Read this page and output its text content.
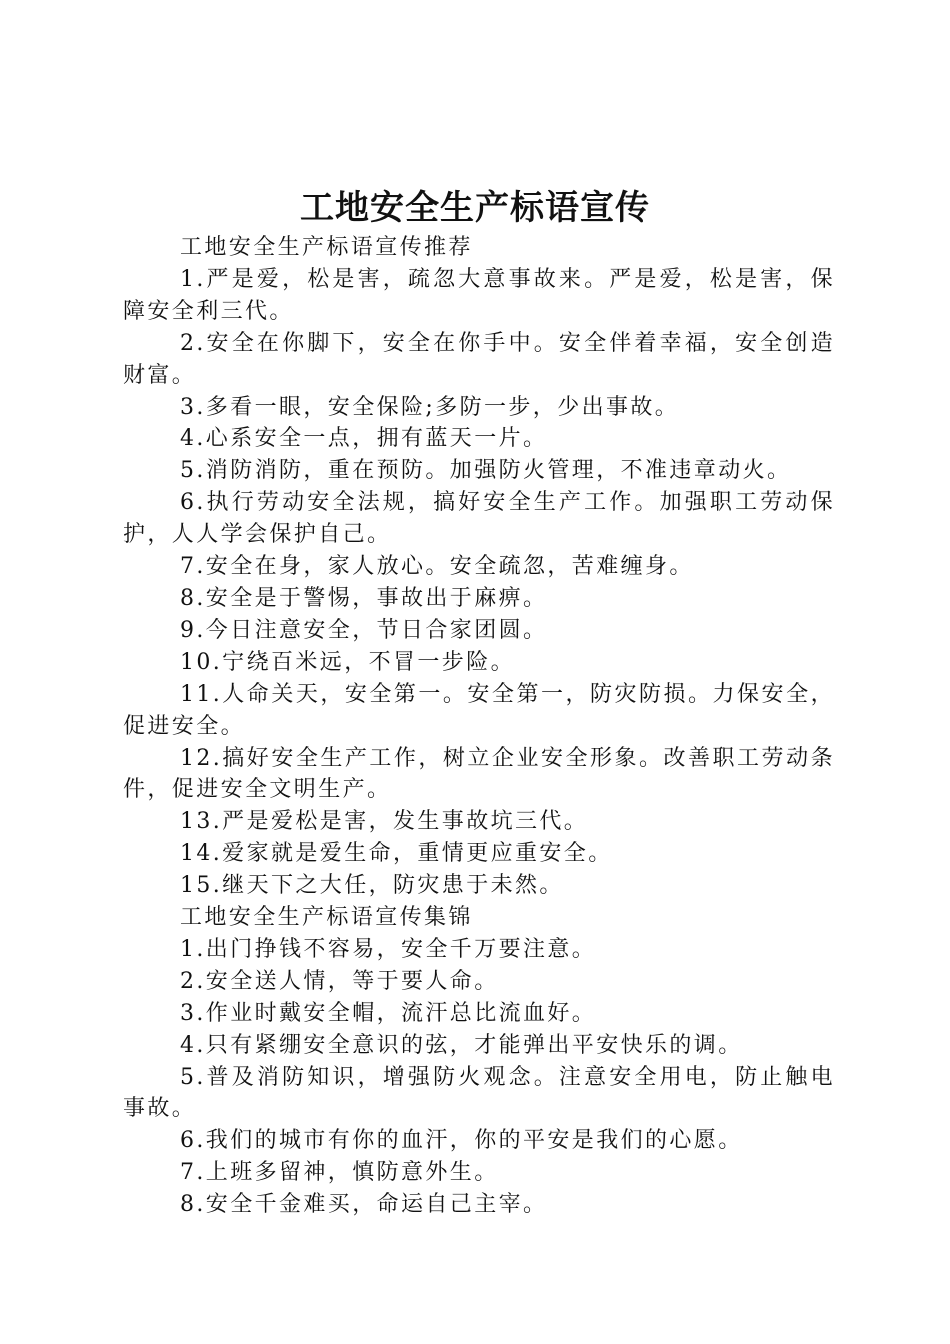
工地安全生产标语宣传

工地安全生产标语宣传推荐

1.严是爱，松是害，疏忽大意事故来。严是爱，松是害，保障安全利三代。

2.安全在你脚下，安全在你手中。安全伴着幸福，安全创造财富。

3.多看一眼，安全保险;多防一步，少出事故。

4.心系安全一点，拥有蓝天一片。

5.消防消防，重在预防。加强防火管理，不准违章动火。

6.执行劳动安全法规，搞好安全生产工作。加强职工劳动保护，人人学会保护自己。

7.安全在身，家人放心。安全疏忽，苦难缠身。

8.安全是于警惕，事故出于麻痹。

9.今日注意安全，节日合家团圆。

10.宁绕百米远，不冒一步险。

11.人命关天，安全第一。安全第一，防灾防损。力保安全，促进安全。

12.搞好安全生产工作，树立企业安全形象。改善职工劳动条件，促进安全文明生产。

13.严是爱松是害，发生事故坑三代。

14.爱家就是爱生命，重情更应重安全。

15.继天下之大任，防灾患于未然。

工地安全生产标语宣传集锦

1.出门挣钱不容易，安全千万要注意。

2.安全送人情，等于要人命。

3.作业时戴安全帽，流汗总比流血好。

4.只有紧绷安全意识的弦，才能弹出平安快乐的调。

5.普及消防知识，增强防火观念。注意安全用电，防止触电事故。

6.我们的城市有你的血汗，你的平安是我们的心愿。

7.上班多留神，慎防意外生。

8.安全千金难买，命运自己主宰。
